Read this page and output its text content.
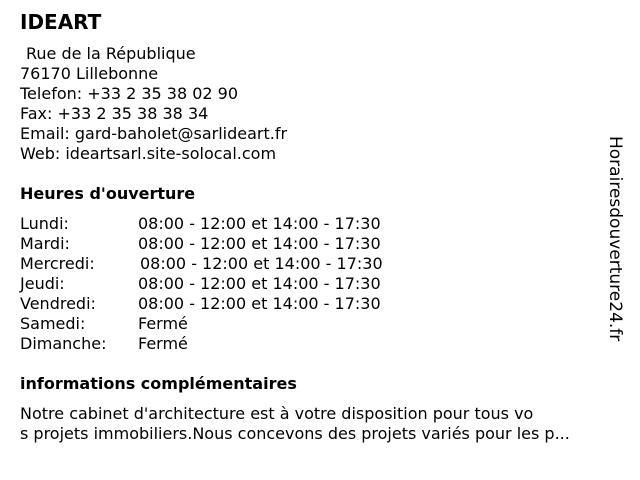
IDEART
Rue de la République
76170 Lillebonne
Telefon: +33 2 35 38 02 90
Fax: +33 2 35 38 38 34
Email: gard-baholet@sarlideart.fr
Web: ideartsarl.site-solocal.com
Heures d'ouverture
Lundi:	08:00 - 12:00 et 14:00 - 17:30
Mardi:	08:00 - 12:00 et 14:00 - 17:30
Mercredi:	08:00 - 12:00 et 14:00 - 17:30
Jeudi:	08:00 - 12:00 et 14:00 - 17:30
Vendredi:	08:00 - 12:00 et 14:00 - 17:30
Samedi:	Fermé
Dimanche: Fermé
informations complémentaires
Notre cabinet d'architecture est à votre disposition pour tous vo
s projets immobiliers.Nous concevons des projets variés pour les p...
Horairesdouverture24.fr
